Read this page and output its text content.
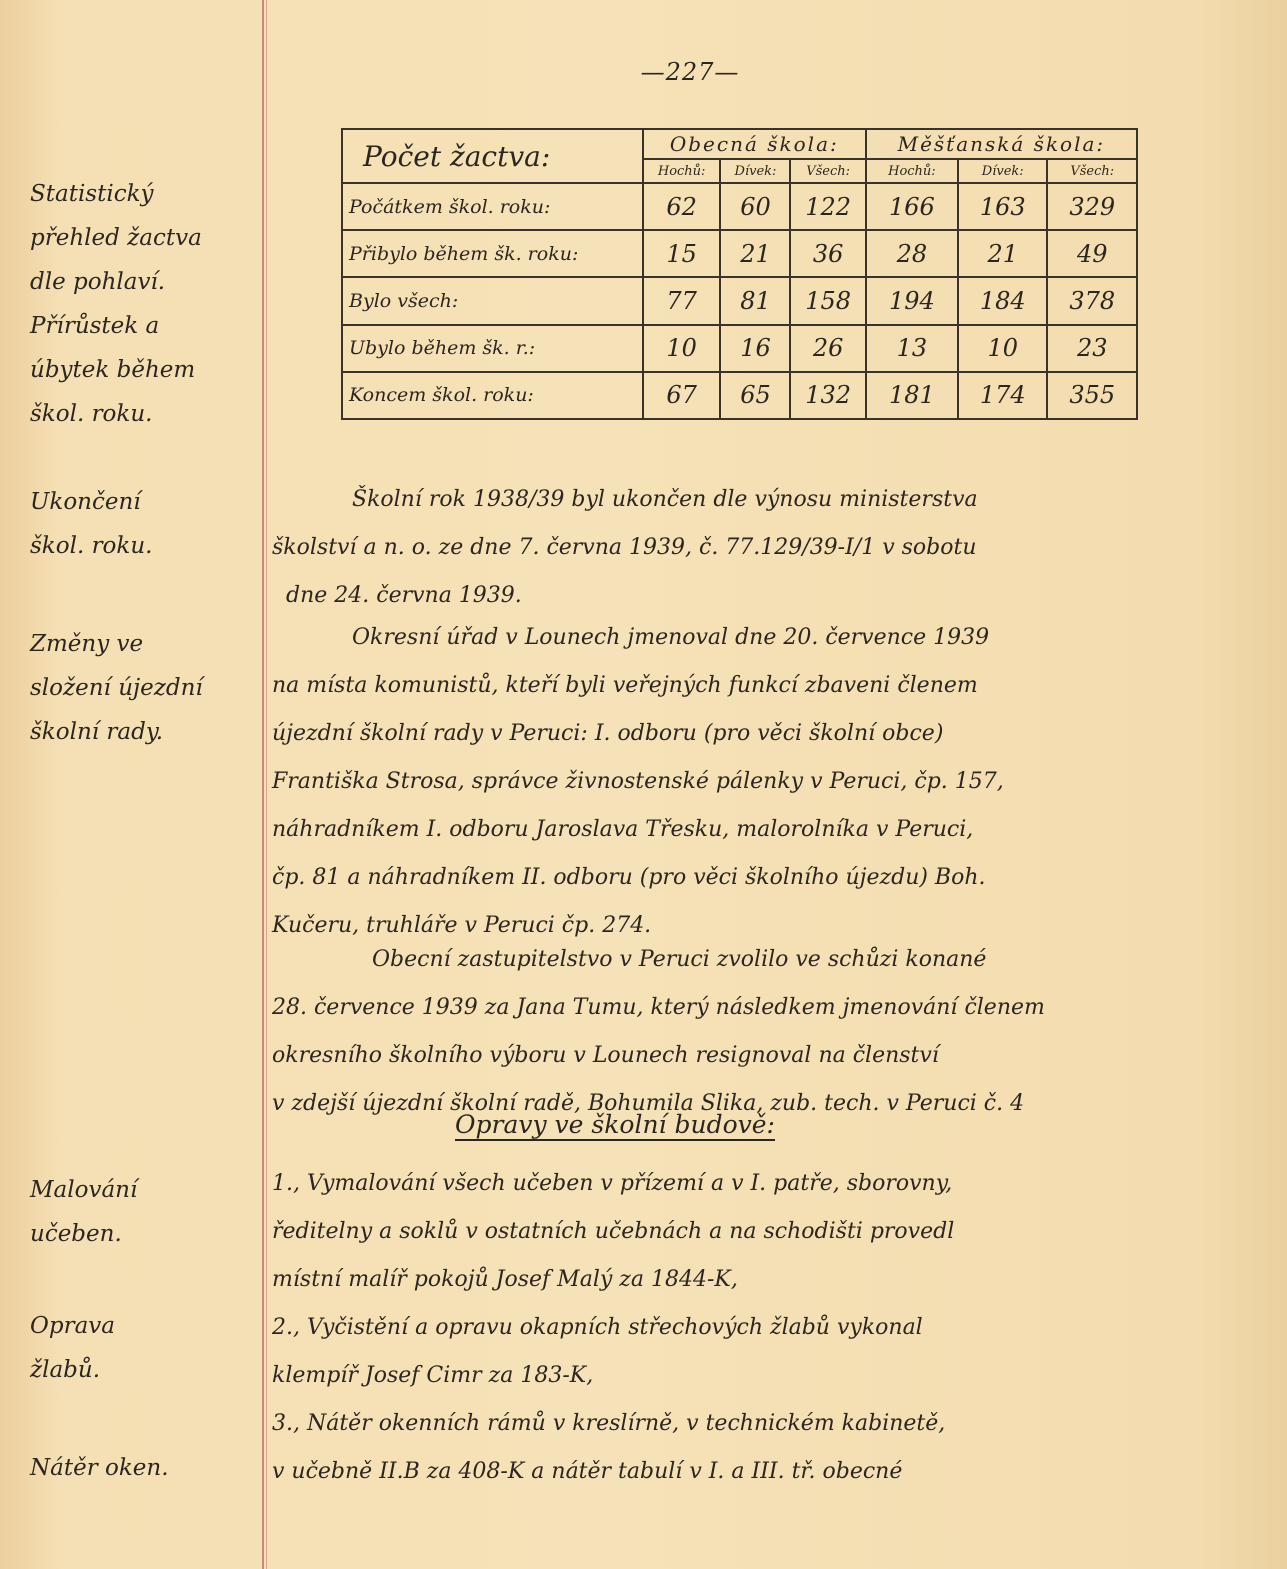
—227—
Statistický
přehled žactva
dle pohlaví.
Přírůstek a
úbytek během
škol. roku.
Ukončení
škol. roku.
Změny ve
složení újezdní
školní rady.
Malování
učeben.
Oprava
žlabů.
Nátěr oken.
Počet žactva:	Obecná škola:			Měšťanská škola:		
	Hochů:	Dívek:	Všech:	Hochů:	Dívek:	Všech:
Počátkem škol. roku:	62	60	122	166	163	329
Přibylo během šk. roku:	15	21	36	28	21	49
Bylo všech:	77	81	158	194	184	378
Ubylo během šk. r.:	10	16	26	13	10	23
Koncem škol. roku:	67	65	132	181	174	355
Školní rok 1938/39 byl ukončen dle výnosu ministerstva
školství a n. o. ze dne 7. června 1939, č. 77.129/39-I/1 v sobotu
dne 24. června 1939.
Okresní úřad v Lounech jmenoval dne 20. července 1939
na místa komunistů, kteří byli veřejných funkcí zbaveni členem
újezdní školní rady v Peruci: I. odboru (pro věci školní obce)
Františka Strosa, správce živnostenské pálenky v Peruci, čp. 157,
náhradníkem I. odboru Jaroslava Třesku, malorolníka v Peruci,
čp. 81 a náhradníkem II. odboru (pro věci školního újezdu) Boh.
Kučeru, truhláře v Peruci čp. 274.
Obecní zastupitelstvo v Peruci zvolilo ve schůzi konané
28. července 1939 za Jana Tumu, který následkem jmenování členem
okresního školního výboru v Lounech resignoval na členství
v zdejší újezdní školní radě, Bohumila Slika, zub. tech. v Peruci č. 4
Opravy ve školní budově:
1., Vymalování všech učeben v přízemí a v I. patře, sborovny,
ředitelny a soklů v ostatních učebnách a na schodišti provedl
místní malíř pokojů Josef Malý za 1844-K,
2., Vyčistění a opravu okapních střechových žlabů vykonal
klempíř Josef Cimr za 183-K,
3., Nátěr okenních rámů v kreslírně, v technickém kabinetě,
v učebně II.B za 408-K a nátěr tabulí v I. a III. tř. obecné
